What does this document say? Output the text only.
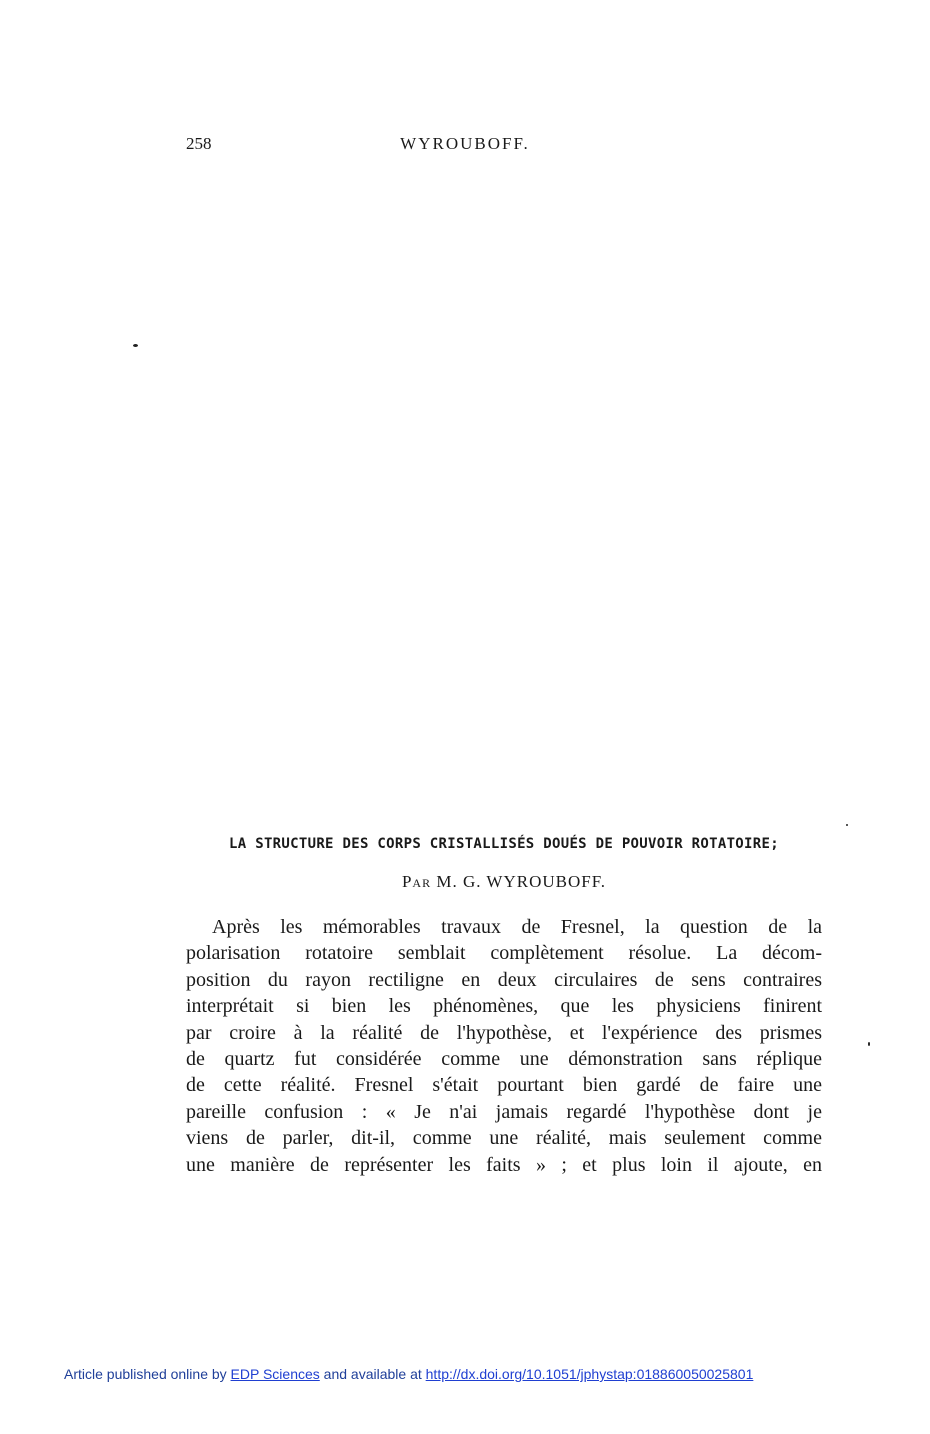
258	WYROUBOFF.
LA STRUCTURE DES CORPS CRISTALLISÉS DOUÉS DE POUVOIR ROTATOIRE;
Par M. G. WYROUBOFF.
Après les mémorables travaux de Fresnel, la question de la
polarisation rotatoire semblait complètement résolue. La décom-
position du rayon rectiligne en deux circulaires de sens contraires
interprétait si bien les phénomènes, que les physiciens finirent
par croire à la réalité de l'hypothèse, et l'expérience des prismes
de quartz fut considérée comme une démonstration sans réplique
de cette réalité. Fresnel s'était pourtant bien gardé de faire une
pareille confusion : « Je n'ai jamais regardé l'hypothèse dont je
viens de parler, dit-il, comme une réalité, mais seulement comme
une manière de représenter les faits » ; et plus loin il ajoute, en
Article published online by EDP Sciences and available at http://dx.doi.org/10.1051/jphystap:018860050025801
